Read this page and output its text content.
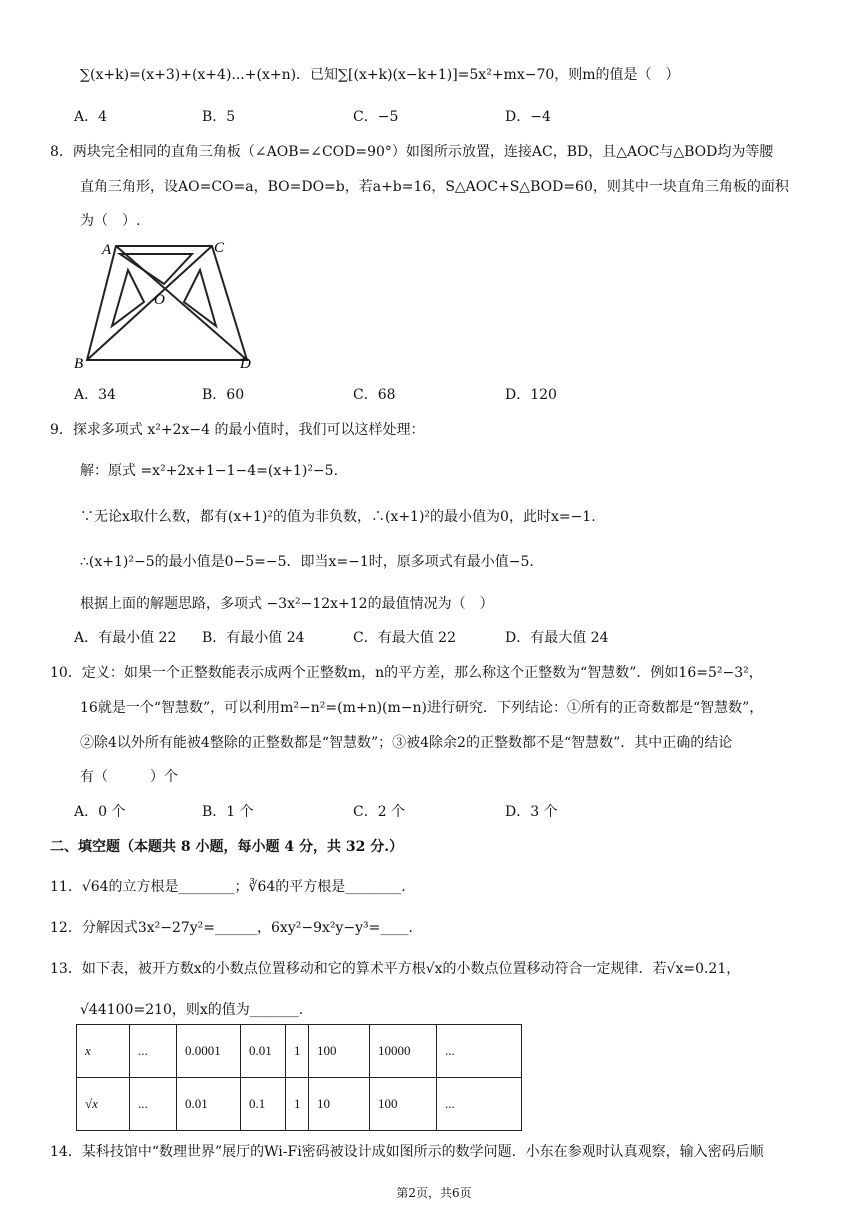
∑(x+k)=(x+3)+(x+4)...+(x+n)．已知∑[(x+k)(x−k+1)]=5x²+mx−70，则m的值是（　）
A．4	B．5	C．−5	D．−4
8．两块完全相同的直角三角板（∠AOB=∠COD=90°）如图所示放置，连接AC，BD，且△AOC与△BOD均为等腰
直角三角形，设AO=CO=a，BO=DO=b，若a+b=16，S△AOC+S△BOD=60，则其中一块直角三角板的面积
为（　）.
A	C
O
B	D
A．34	B．60	C．68	D．120
9．探求多项式 x²+2x−4 的最小值时，我们可以这样处理：
解：原式 =x²+2x+1−1−4=(x+1)²−5.
∵无论x取什么数，都有(x+1)²的值为非负数，∴(x+1)²的最小值为0，此时x=−1.
∴(x+1)²−5的最小值是0−5=−5．即当x=−1时，原多项式有最小值−5.
根据上面的解题思路，多项式 −3x²−12x+12的最值情况为（　）
A．有最小值 22 B．有最小值 24	C．有最大值 22	D．有最大值 24
10．定义：如果一个正整数能表示成两个正整数m，n的平方差，那么称这个正整数为“智慧数”．例如16=5²−3²，
16就是一个“智慧数”，可以利用m²−n²=(m+n)(m−n)进行研究．下列结论：①所有的正奇数都是“智慧数”，
②除4以外所有能被4整除的正整数都是“智慧数”；③被4除余2的正整数都不是“智慧数”．其中正确的结论
有（　　　）个
A．0 个	B．1 个	C．2 个	D．3 个
二、填空题（本题共 8 小题，每小题 4 分，共 32 分.）
11．√64的立方根是________；∛64的平方根是________.
12．分解因式3x²−27y²=______，6xy²−9x²y−y³=____.
13．如下表，被开方数x的小数点位置移动和它的算术平方根√x的小数点位置移动符合一定规律．若√x=0.21，
√44100=210，则x的值为_______.
x	...	0.0001	0.01	1	100	10000	...
√x	...	0.01	0.1	1	10	100	...
14．某科技馆中“数理世界”展厅的Wi-Fi密码被设计成如图所示的数学问题．小东在参观时认真观察，输入密码后顺
第2页，共6页
